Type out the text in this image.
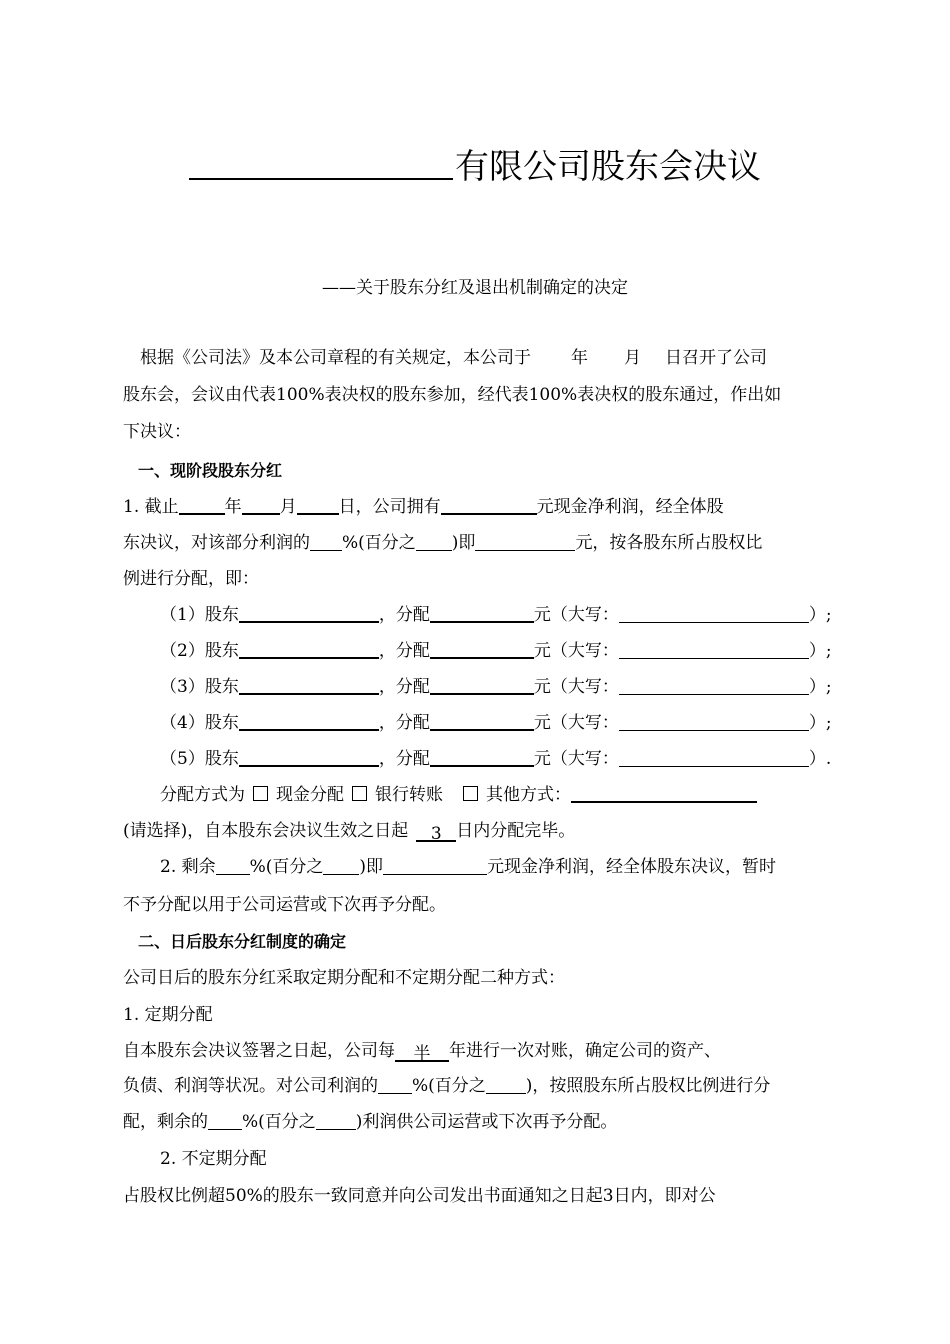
有限公司股东会决议
——关于股东分红及退出机制确定的决定
根据《公司法》及本公司章程的有关规定，本公司于 年 月 日召开了公司
股东会，会议由代表100%表决权的股东参加，经代表100%表决权的股东通过，作出如
下决议：
一、现阶段股东分红
1. 截止	年 月 日，公司拥有	元现金净利润，经全体股
东决议，对该部分利润的 %(百分之 )即	元，按各股东所占股权比
例进行分配，即：
（1）股东	，分配	元（大写：	）;
（2）股东	，分配	元（大写：	）;
（3）股东	，分配	元（大写：	）;
（4）股东	，分配	元（大写：	）;
（5）股东	，分配	元（大写：	）.
分配方式为 现金分配 银行转账	其他方式：
(请选择)，自本股东会决议生效之日起 3 日内分配完毕。
2. 剩余 %(百分之 )即	元现金净利润，经全体股东决议，暂时
不予分配以用于公司运营或下次再予分配。
二、日后股东分红制度的确定
公司日后的股东分红采取定期分配和不定期分配二种方式：
1. 定期分配
自本股东会决议签署之日起，公司每 半 年进行一次对账，确定公司的资产、
负债、利润等状况。对公司利润的 %(百分之 )，按照股东所占股权比例进行分
配，剩余的 %(百分之 )利润供公司运营或下次再予分配。
2. 不定期分配
占股权比例超50%的股东一致同意并向公司发出书面通知之日起3日内，即对公
